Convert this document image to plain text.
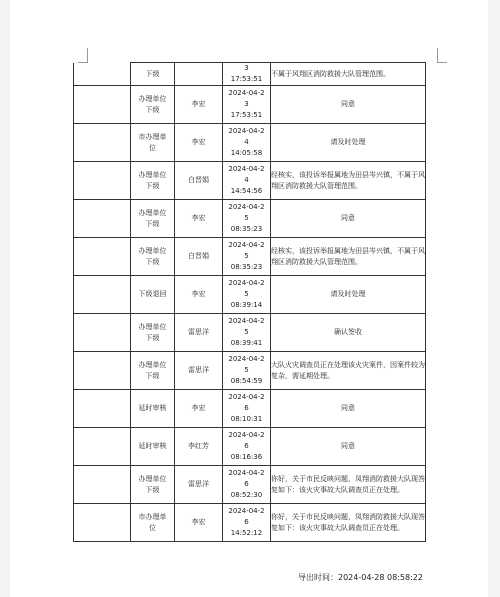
	下级		3
17:53:51	不属于风翔区消防救援大队管理范围。
	办理单位
下级	李宏	2024-04-2
3
17:53:51	同意
	市办理单
位	李宏	2024-04-2
4
14:05:58	请及时处理
	办理单位
下级	白晋娟	2024-04-2
4
14:54:56	经核实，该投诉举报属地为田县岑兴镇，不属于风翔区消防救援大队管理范围。
	办理单位
下级	李宏	2024-04-2
5
08:35:23	同意
	办理单位
下级	白晋娟	2024-04-2
5
08:35:23	经核实，该投诉举报属地为田县岑兴镇，不属于风翔区消防救援大队管理范围。
	下级退回	李宏	2024-04-2
5
08:39:14	请及时处理
	办理单位
下级	雷思洋	2024-04-2
5
08:39:41	确认签收
	办理单位
下级	雷思洋	2024-04-2
5
08:54:59	大队火灾调查员正在处理该火灾案件，因案件较为复杂，需延期处理。
	延时审核	李宏	2024-04-2
6
08:10:31	同意
	延时审核	李红芳	2024-04-2
6
08:16:36	同意
	办理单位
下级	雷思洋	2024-04-2
6
08:52:30	你好，关于市民反映问题，凤翔消防救援大队现答复如下：该火灾事故大队调查员正在处理。
	市办理单
位	李宏	2024-04-2
6
14:52:12	你好，关于市民反映问题，凤翔消防救援大队现答复如下：该火灾事故大队调查员正在处理。
导出时间：2024-04-28 08:58:22
